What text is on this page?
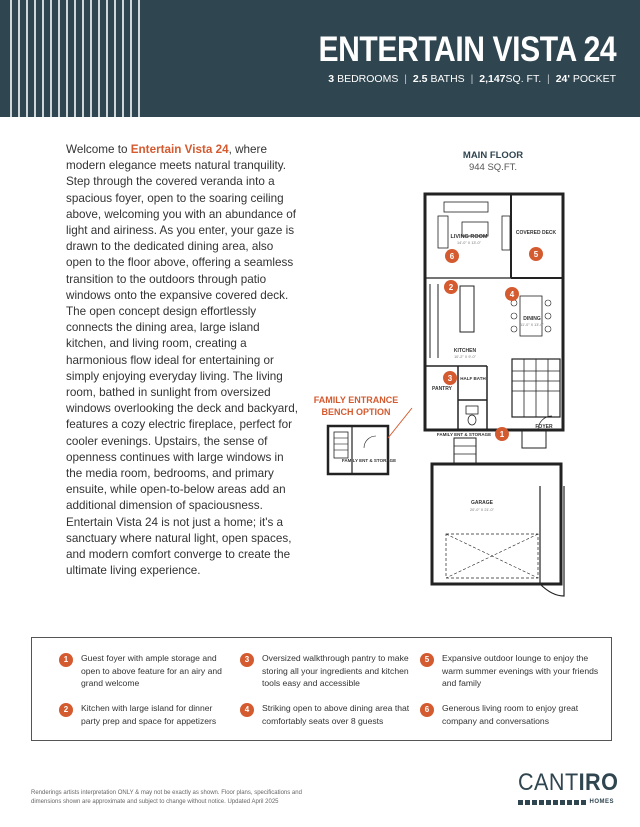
ENTERTAIN VISTA 24
3 BEDROOMS | 2.5 BATHS | 2,147SQ. FT. | 24' POCKET
Welcome to Entertain Vista 24, where modern elegance meets natural tranquility. Step through the covered veranda into a spacious foyer, open to the soaring ceiling above, welcoming you with an abundance of light and airiness. As you enter, your gaze is drawn to the dedicated dining area, also open to the floor above, offering a seamless transition to the outdoors through patio windows onto the expansive covered deck. The open concept design effortlessly connects the dining area, large island kitchen, and living room, creating a harmonious flow ideal for entertaining or simply enjoying everyday living. The living room, bathed in sunlight from oversized windows overlooking the deck and backyard, features a cozy electric fireplace, perfect for cooler evenings. Upstairs, the sense of openness continues with large windows in the media room, bedrooms, and primary ensuite, while open-to-below areas add an additional dimension of spaciousness. Entertain Vista 24 is not just a home; it's a sanctuary where natural light, open spaces, and modern comfort converge to create the ultimate living experience.
MAIN FLOOR
944 SQ.FT.
FAMILY ENTRANCE BENCH OPTION
LIVING ROOM
14'-0" X 13'-0"
COVERED DECK
DINING
11'-0" X 13'-0"
KITCHEN
10'-2" X 9'-0"
HALF BATH
PANTRY
FAMILY ENT & STORAGE
FOYER
GARAGE
20'-0" X 21'-0"
1
2
3
4
5
6
FAMILY ENT & STORAGE
1	Guest foyer with ample storage and open to above feature for an airy and grand welcome
2	Kitchen with large island for dinner party prep and space for appetizers
3	Oversized walkthrough pantry to make storing all your ingredients and kitchen tools easy and accessible
4	Striking open to above dining area that comfortably seats over 8 guests
5	Expansive outdoor lounge to enjoy the warm summer evenings with your friends and family
6	Generous living room to enjoy great company and conversations
Renderings artists interpretation ONLY & may not be exactly as shown. Floor plans, specifications and dimensions shown are approximate and subject to change without notice. Updated April 2025
CANTIRO
HOMES
